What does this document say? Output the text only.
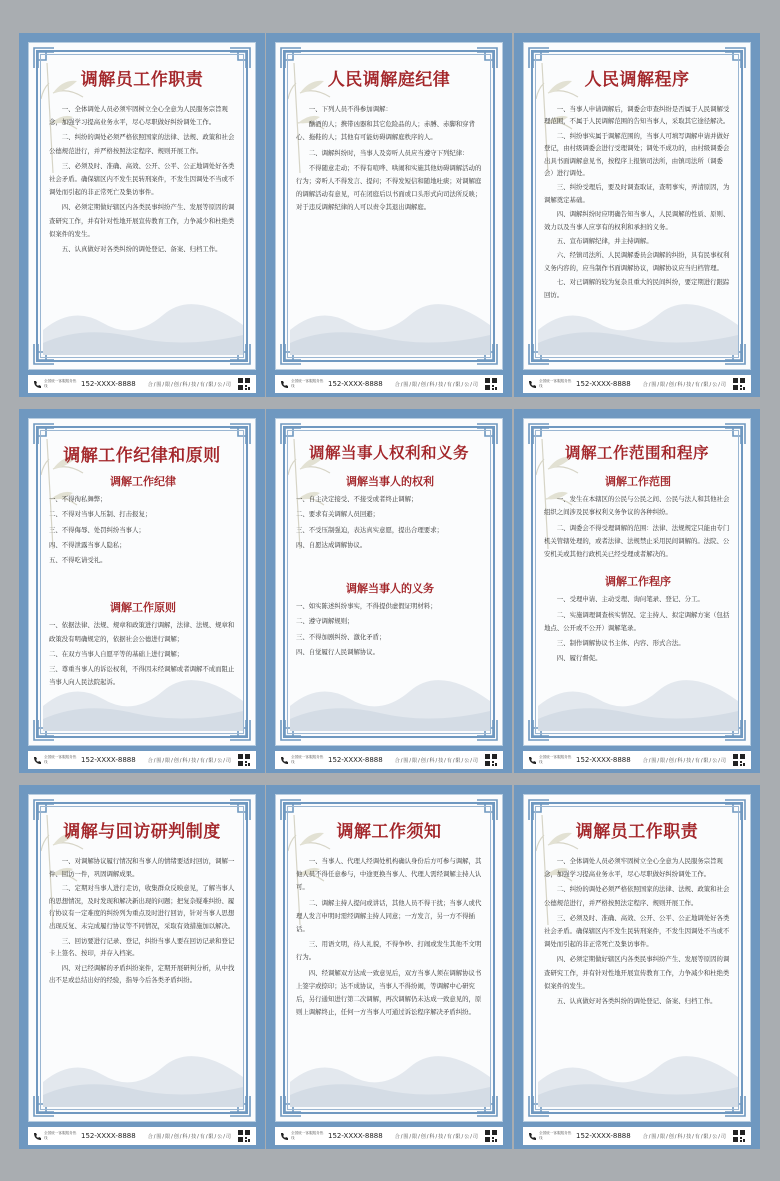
调解员工作职责

一、全体调处人员必须牢固树立全心全意为人民服务宗旨观念，加强学习提高业务水平，尽心尽职做好纠纷调处工作。

二、纠纷的调处必须严格依照国家的法律、法规、政策和社会公德规范进行，并严格按照法定程序、规则开展工作。

三、必须及时、准确、高效、公开、公平、公正地调处好各类社会矛盾。确保辖区内不发生民转刑案件，不发生因调处不当或不调处而引起的非正常死亡及集访事件。

四、必须定期做好辖区内各类民事纠纷产生、发展等原因的调查研究工作，并有针对性地开展宣传教育工作，力争减少和杜绝类似案件的发生。

五、认真做好对各类纠纷的调处登记、备案、归档工作。

全国统一客服服务热线	152-XXXX-8888 合/围/限/创/科/技/有/限/公/司
人民调解庭纪律

一、下列人员不得参加调解：

酗酒的人；携带凶器和其它危险品的人；赤膊、赤脚和穿背心、拖鞋的人；其他有可能妨碍调解庭秩序的人。

二、调解纠纷时，当事人及旁听人员应当遵守下列纪律：

不得随意走动；不得有喧哗、哄闹和实施其他妨碍调解活动的行为；旁听人不得发言、提问；不得发短信和随地吐痰；对调解庭的调解活动有意见，可在闭庭后以书面或口头形式向司法所反映；对于违反调解纪律的人可以责令其退出调解庭。

全国统一客服服务热线	152-XXXX-8888 合/围/限/创/科/技/有/限/公/司
人民调解程序

一、当事人申请调解后，调委会审查纠纷是否属于人民调解受理范围，不属于人民调解范围的告知当事人，采取其它途径解决。

二、纠纷事实属于调解范围的，当事人可填写调解申请并做好登记，由村级调委会进行受理调处；调处不成功的，由村级调委会出具书面调解意见书，按程序上报镇司法所，由镇司法所（调委会）进行调处。

三、纠纷受理后，要及时调查取证，查明事实，弄清原因，为调解奠定基础。

四、调解纠纷时应明确告知当事人，人民调解的性质、原则、效力以及当事人应享有的权利和承担的义务。

五、宣布调解纪律，并主持调解。

六、经镇司法所、人民调解委员会调解的纠纷，具有民事权利义务内容的，应当制作书面调解协议，调解协议应当归档管理。

七、对已调解的较为复杂且重大的民间纠纷，要定期进行跟踪回访。

全国统一客服服务热线	152-XXXX-8888 合/围/限/创/科/技/有/限/公/司
调解工作纪律和原则
调解工作纪律

一、不得徇私舞弊；

二、不得对当事人压制、打击报复；

三、不得侮辱、处罚纠纷当事人；

四、不得泄露当事人隐私；

五、不得吃请受礼。

调解工作原则

一、依据法律、法规、规章和政策进行调解，法律、法规、规章和政策没有明确规定的，依据社会公德进行调解；

二、在双方当事人自愿平等的基础上进行调解；

三、尊重当事人的诉讼权利，不得因未经调解或者调解不成而阻止当事人向人民法院起诉。

全国统一客服服务热线	152-XXXX-8888 合/围/限/创/科/技/有/限/公/司
调解当事人权利和义务
调解当事人的权利

一、自主决定接受、不接受或者终止调解；

二、要求有关调解人员回避；

三、不受压制强迫，表达真实意愿，提出合理要求；

四、自愿达成调解协议。

调解当事人的义务

一、如实陈述纠纷事实，不得提供虚假证明材料；

二、遵守调解规则；

三、不得加剧纠纷、激化矛盾；

四、自觉履行人民调解协议。

全国统一客服服务热线	152-XXXX-8888 合/围/限/创/科/技/有/限/公/司
调解工作范围和程序
调解工作范围

一、发生在本辖区的公民与公民之间、公民与法人和其他社会组织之间涉及民事权利义务争议的各种纠纷。

二、调委会不得受理调解的范围：法律、法规规定只能由专门机关管辖处理的，或者法律、法规禁止采用民间调解的。法院、公安机关或其他行政机关已经受理或者解决的。

调解工作程序

一、受理申请、主动受理、询问笔录、登记、分工。

二、实施调理调查核实情况、定主持人、拟定调解方案（包括地点、公开或不公开）调解笔录。

三、制作调解协议书主体、内容、形式合法。

四、履行督促。

全国统一客服服务热线	152-XXXX-8888 合/围/限/创/科/技/有/限/公/司
调解与回访研判制度

一、对调解协议履行情况和当事人的情绪要适时回访，调解一件、回访一件，巩固调解成果。

二、定期对当事人进行走访，收集群众反映意见，了解当事人的思想情况，及时发现和解决新出现的问题；把复杂疑难纠纷、履行协议有一定难度的纠纷列为重点及时进行回访，针对当事人思想出现反复、未完成履行协议等不同情况，采取有效措施加以解决。

三、回访要进行记录、登记，纠纷当事人要在回访记录和登记卡上签名、按印，并存入档案。

四、对已经调解的矛盾纠纷案件，定期开展研判分析，从中找出不足或总结出好的经验，指导今后各类矛盾纠纷。

全国统一客服服务热线	152-XXXX-8888 合/围/限/创/科/技/有/限/公/司
调解工作须知

一、当事人、代理人经调处机构确认身份后方可参与调解，其他人员不得任意参与，中途更换当事人、代理人需经调解主持人认可。

二、调解主持人提问或讲话，其他人员不得干扰；当事人或代理人发言申明时需经调解主持人同意；一方发言，另一方不得插话。

三、用语文明，待人礼貌，不得争吵、打闹或发生其他不文明行为。

四、经调解双方达成一致意见后，双方当事人须在调解协议书上签字或捺印；达不成协议，当事人不得纷闹，等调解中心研究后，另行通知进行第二次调解，再次调解仍未达成一致意见的，原则上调解终止，任何一方当事人可通过诉讼程序解决矛盾纠纷。

全国统一客服服务热线	152-XXXX-8888 合/围/限/创/科/技/有/限/公/司
调解员工作职责

一、全体调处人员必须牢固树立全心全意为人民服务宗旨观念，加强学习提高业务水平，尽心尽职做好纠纷调处工作。

二、纠纷的调处必须严格依照国家的法律、法规、政策和社会公德规范进行，并严格按照法定程序、规则开展工作。

三、必须及时、准确、高效、公开、公平、公正地调处好各类社会矛盾。确保辖区内不发生民转刑案件，不发生因调处不当或不调处而引起的非正常死亡及集访事件。

四、必须定期做好辖区内各类民事纠纷产生、发展等原因的调查研究工作，并有针对性地开展宣传教育工作，力争减少和杜绝类似案件的发生。

五、认真做好对各类纠纷的调处登记、备案、归档工作。

全国统一客服服务热线	152-XXXX-8888 合/围/限/创/科/技/有/限/公/司
